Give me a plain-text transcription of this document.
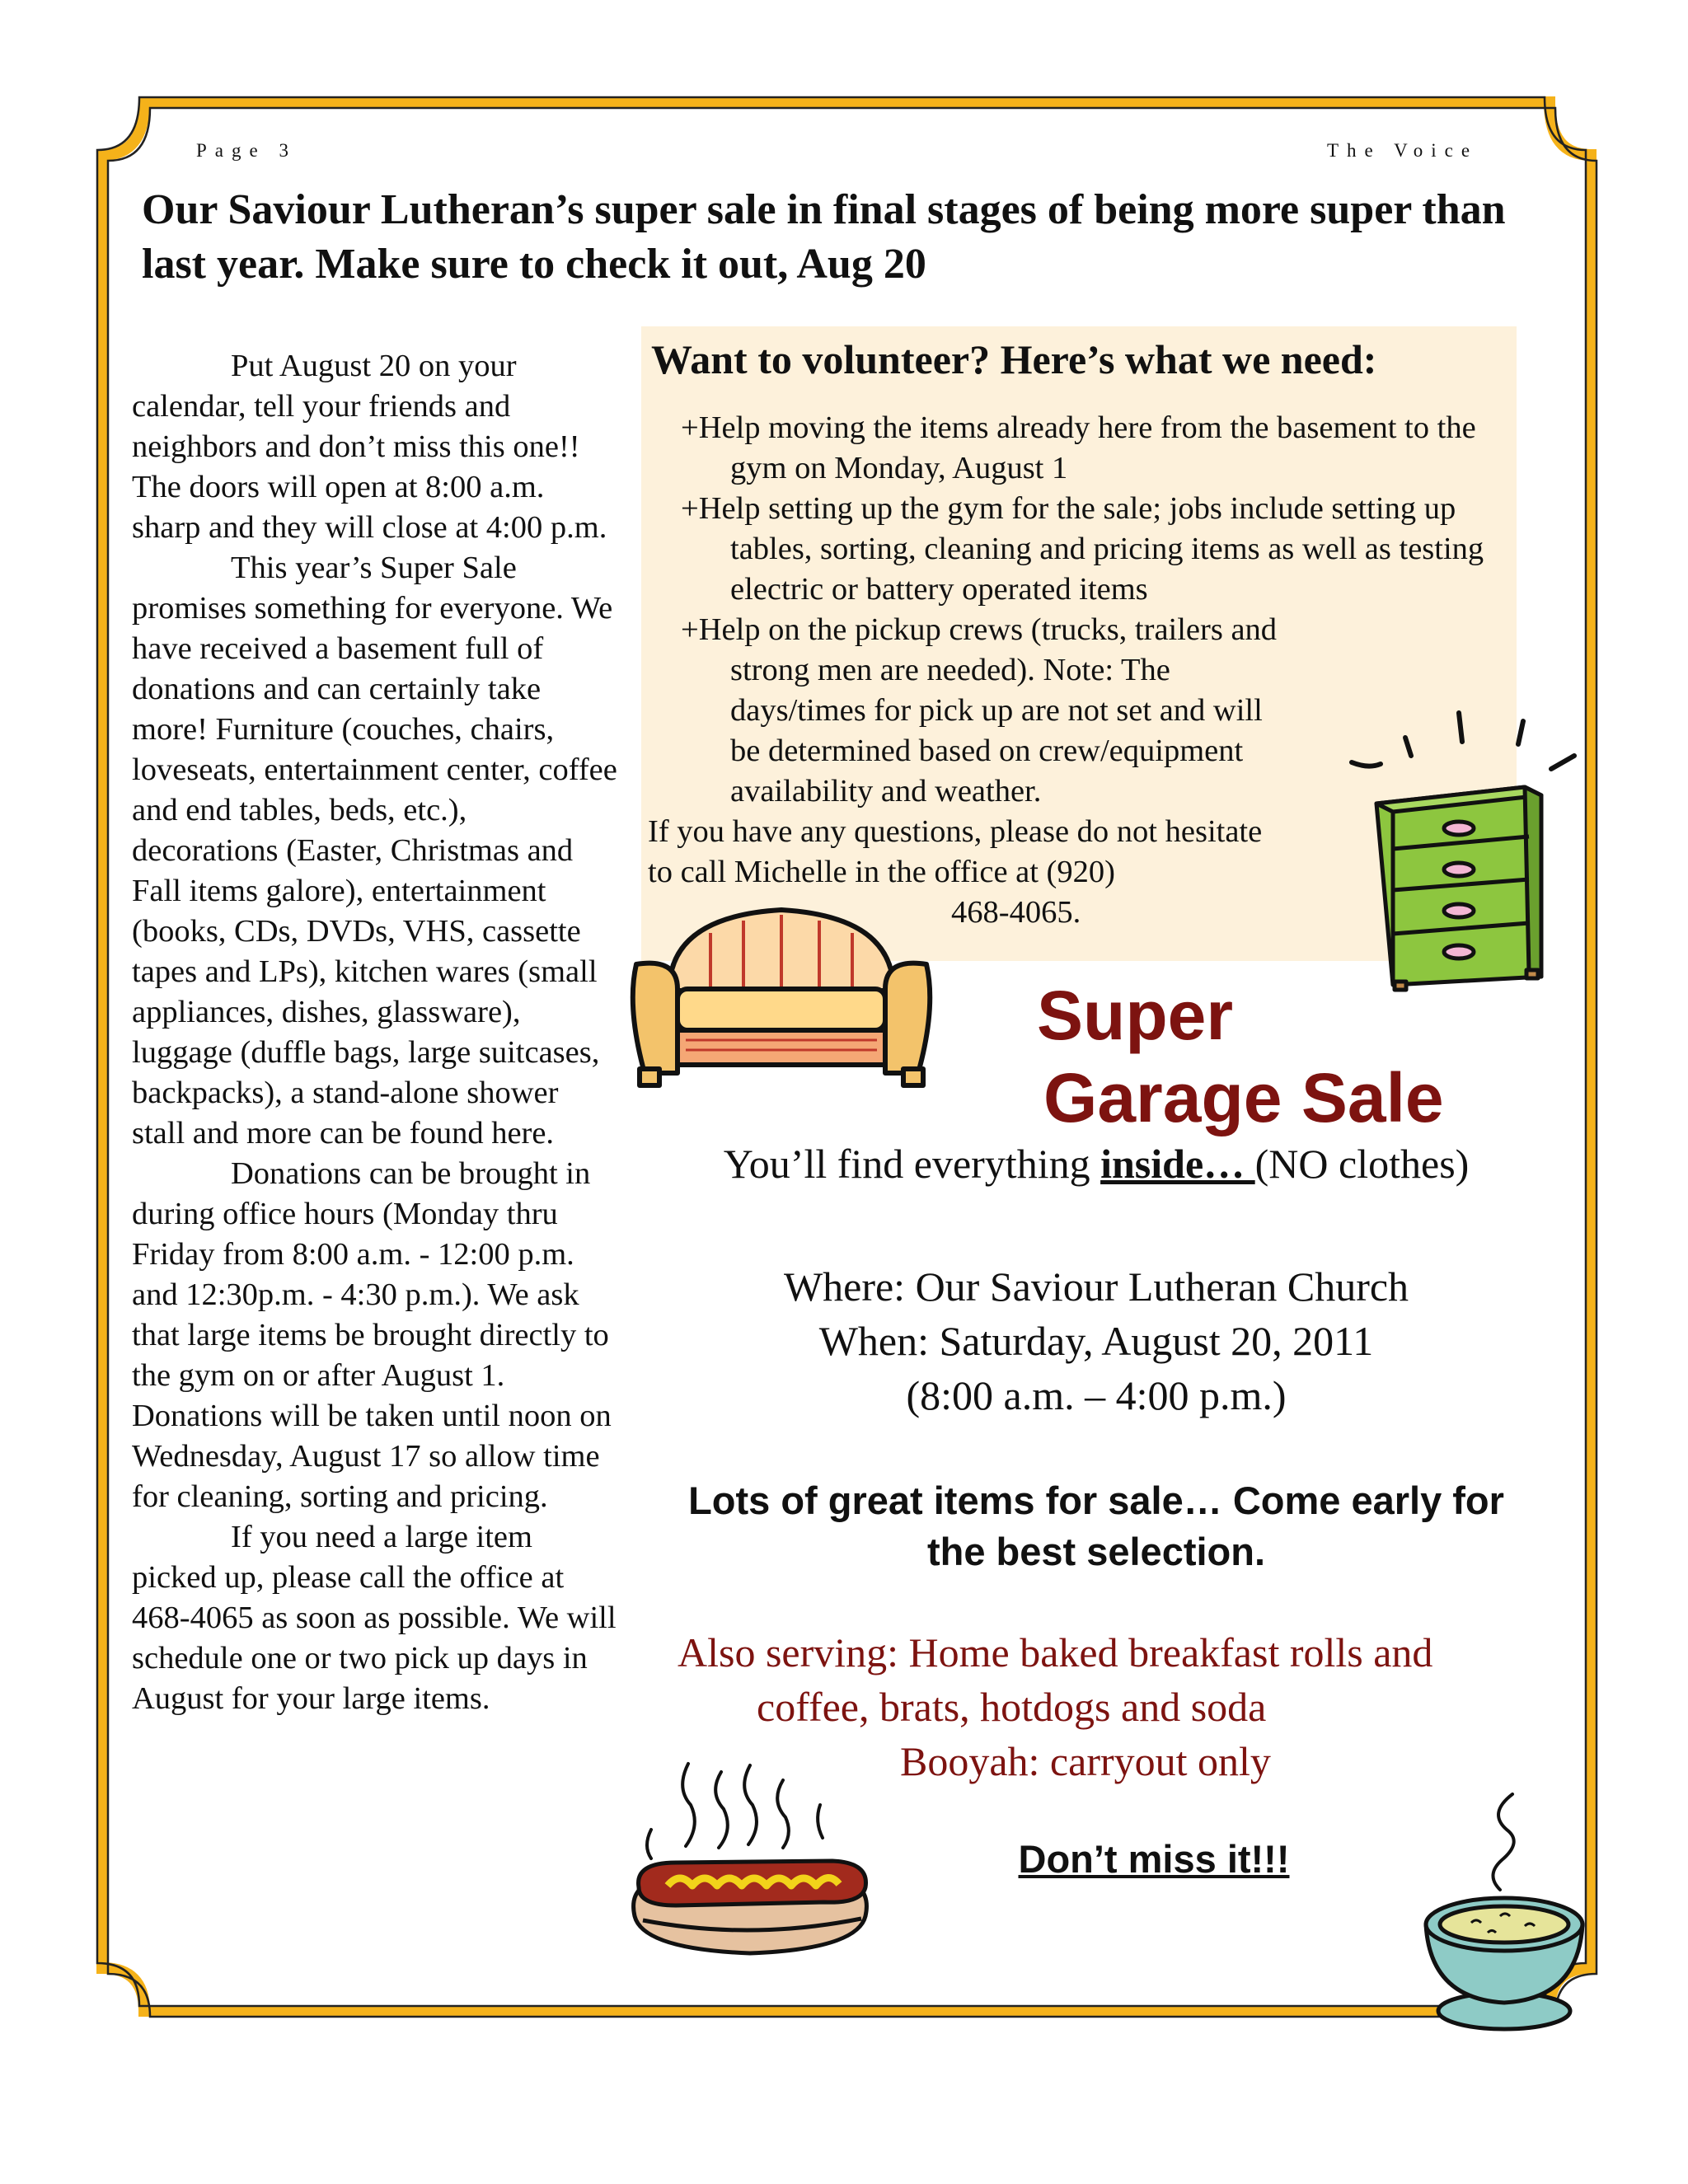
Page 3	The Voice
Our Saviour Lutheran’s super sale in final stages of being more super than last year. Make sure to check it out, Aug 20

Put August 20 on your calendar, tell your friends and neighbors and don’t miss this one!! The doors will open at 8:00 a.m. sharp and they will close at 4:00 p.m.

This year’s Super Sale promises something for everyone. We have received a basement full of donations and can certainly take more! Furniture (couches, chairs, loveseats, entertainment center, coffee and end tables, beds, etc.), decorations (Easter, Christmas and Fall items galore), entertainment (books, CDs, DVDs, VHS, cassette tapes and LPs), kitchen wares (small appliances, dishes, glassware), luggage (duffle bags, large suitcases, backpacks), a stand-alone shower stall and more can be found here.

Donations can be brought in during office hours (Monday thru Friday from 8:00 a.m. - 12:00 p.m. and 12:30p.m. - 4:30 p.m.). We ask that large items be brought directly to the gym on or after August 1. Donations will be taken until noon on Wednesday, August 17 so allow time for cleaning, sorting and pricing.

If you need a large item picked up, please call the office at 468-4065 as soon as possible. We will schedule one or two pick up days in August for your large items.

Want to volunteer? Here’s what we need:

+Help moving the items already here from the basement to the gym on Monday, August 1

+Help setting up the gym for the sale; jobs include setting up tables, sorting, cleaning and pricing items as well as testing electric or battery operated items

+Help on the pickup crews (trucks, trailers and strong men are needed). Note: The days/times for pick up are not set and will be determined based on crew/equipment availability and weather.

If you have any questions, please do not hesitate to call Michelle in the office at (920)

468-4065.

Super
Garage Sale
You’ll find everything inside… (NO clothes)
Where: Our Saviour Lutheran Church
When: Saturday, August 20, 2011
(8:00 a.m. – 4:00 p.m.)
Lots of great items for sale… Come early for the best selection.
Also serving: Home baked breakfast rolls and
coffee, brats, hotdogs and soda
Booyah: carryout only
Don’t miss it!!!
